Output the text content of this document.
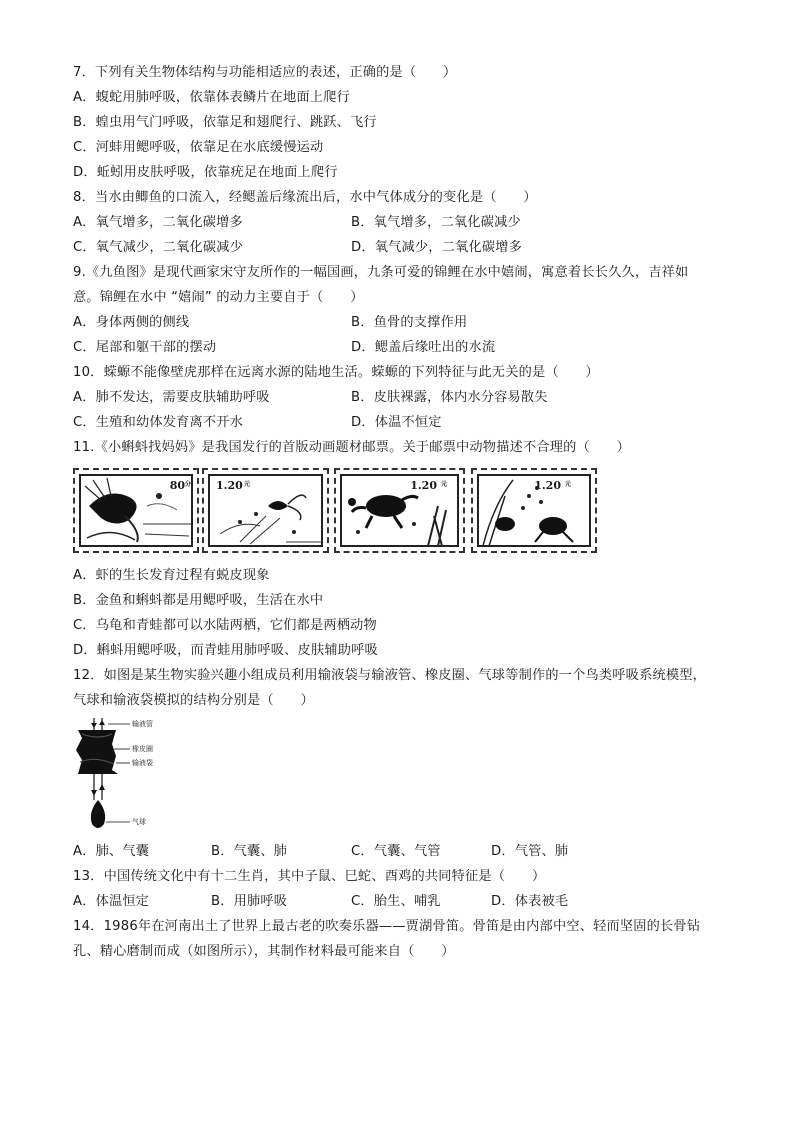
7．下列有关生物体结构与功能相适应的表述，正确的是（　　）
A．蝮蛇用肺呼吸，依靠体表鳞片在地面上爬行
B．蝗虫用气门呼吸，依靠足和翅爬行、跳跃、飞行
C．河蚌用鳃呼吸，依靠足在水底缓慢运动
D．蚯蚓用皮肤呼吸，依靠疣足在地面上爬行
8．当水由鲫鱼的口流入，经鳃盖后缘流出后，水中气体成分的变化是（　　）
A．氧气增多，二氧化碳增多	B．氧气增多，二氧化碳减少
C．氧气减少，二氧化碳减少	D．氧气减少，二氧化碳增多
9.《九鱼图》是现代画家宋守友所作的一幅国画，九条可爱的锦鲤在水中嬉闹，寓意着长长久久，吉祥如
意。锦鲤在水中 “嬉闹” 的动力主要自于（　　）
A．身体两侧的侧线	B．鱼骨的支撑作用
C．尾部和躯干部的摆动	D．鳃盖后缘吐出的水流
10．蝾螈不能像壁虎那样在远离水源的陆地生活。蝾螈的下列特征与此无关的是（　　）
A．肺不发达，需要皮肤辅助呼吸	B．皮肤裸露，体内水分容易散失
C．生殖和幼体发育离不开水	D．体温不恒定
11.《小蝌蚪找妈妈》是我国发行的首版动画题材邮票。关于邮票中动物描述不合理的（　　）
80 分 1.20 元	1.20 元	1.20 元
A．虾的生长发育过程有蜕皮现象
B．金鱼和蝌蚪都是用鳃呼吸，生活在水中
C．乌龟和青蛙都可以水陆两栖，它们都是两栖动物
D．蝌蚪用鳃呼吸，而青蛙用肺呼吸、皮肤辅助呼吸
12．如图是某生物实验兴趣小组成员利用输液袋与输液管、橡皮圈、气球等制作的一个鸟类呼吸系统模型，
气球和输液袋模拟的结构分别是（　　）
输液管
橡皮圈
输液袋
气球
A．肺、气囊	B．气囊、肺	C．气囊、气管	D．气管、肺
13．中国传统文化中有十二生肖，其中子鼠、巳蛇、酉鸡的共同特征是（　　）
A．体温恒定	B．用肺呼吸	C．胎生、哺乳	D．体表被毛
14．1986年在河南出土了世界上最古老的吹奏乐器——贾湖骨笛。骨笛是由内部中空、轻而坚固的长骨钻
孔、精心磨制而成（如图所示），其制作材料最可能来自（　　）
